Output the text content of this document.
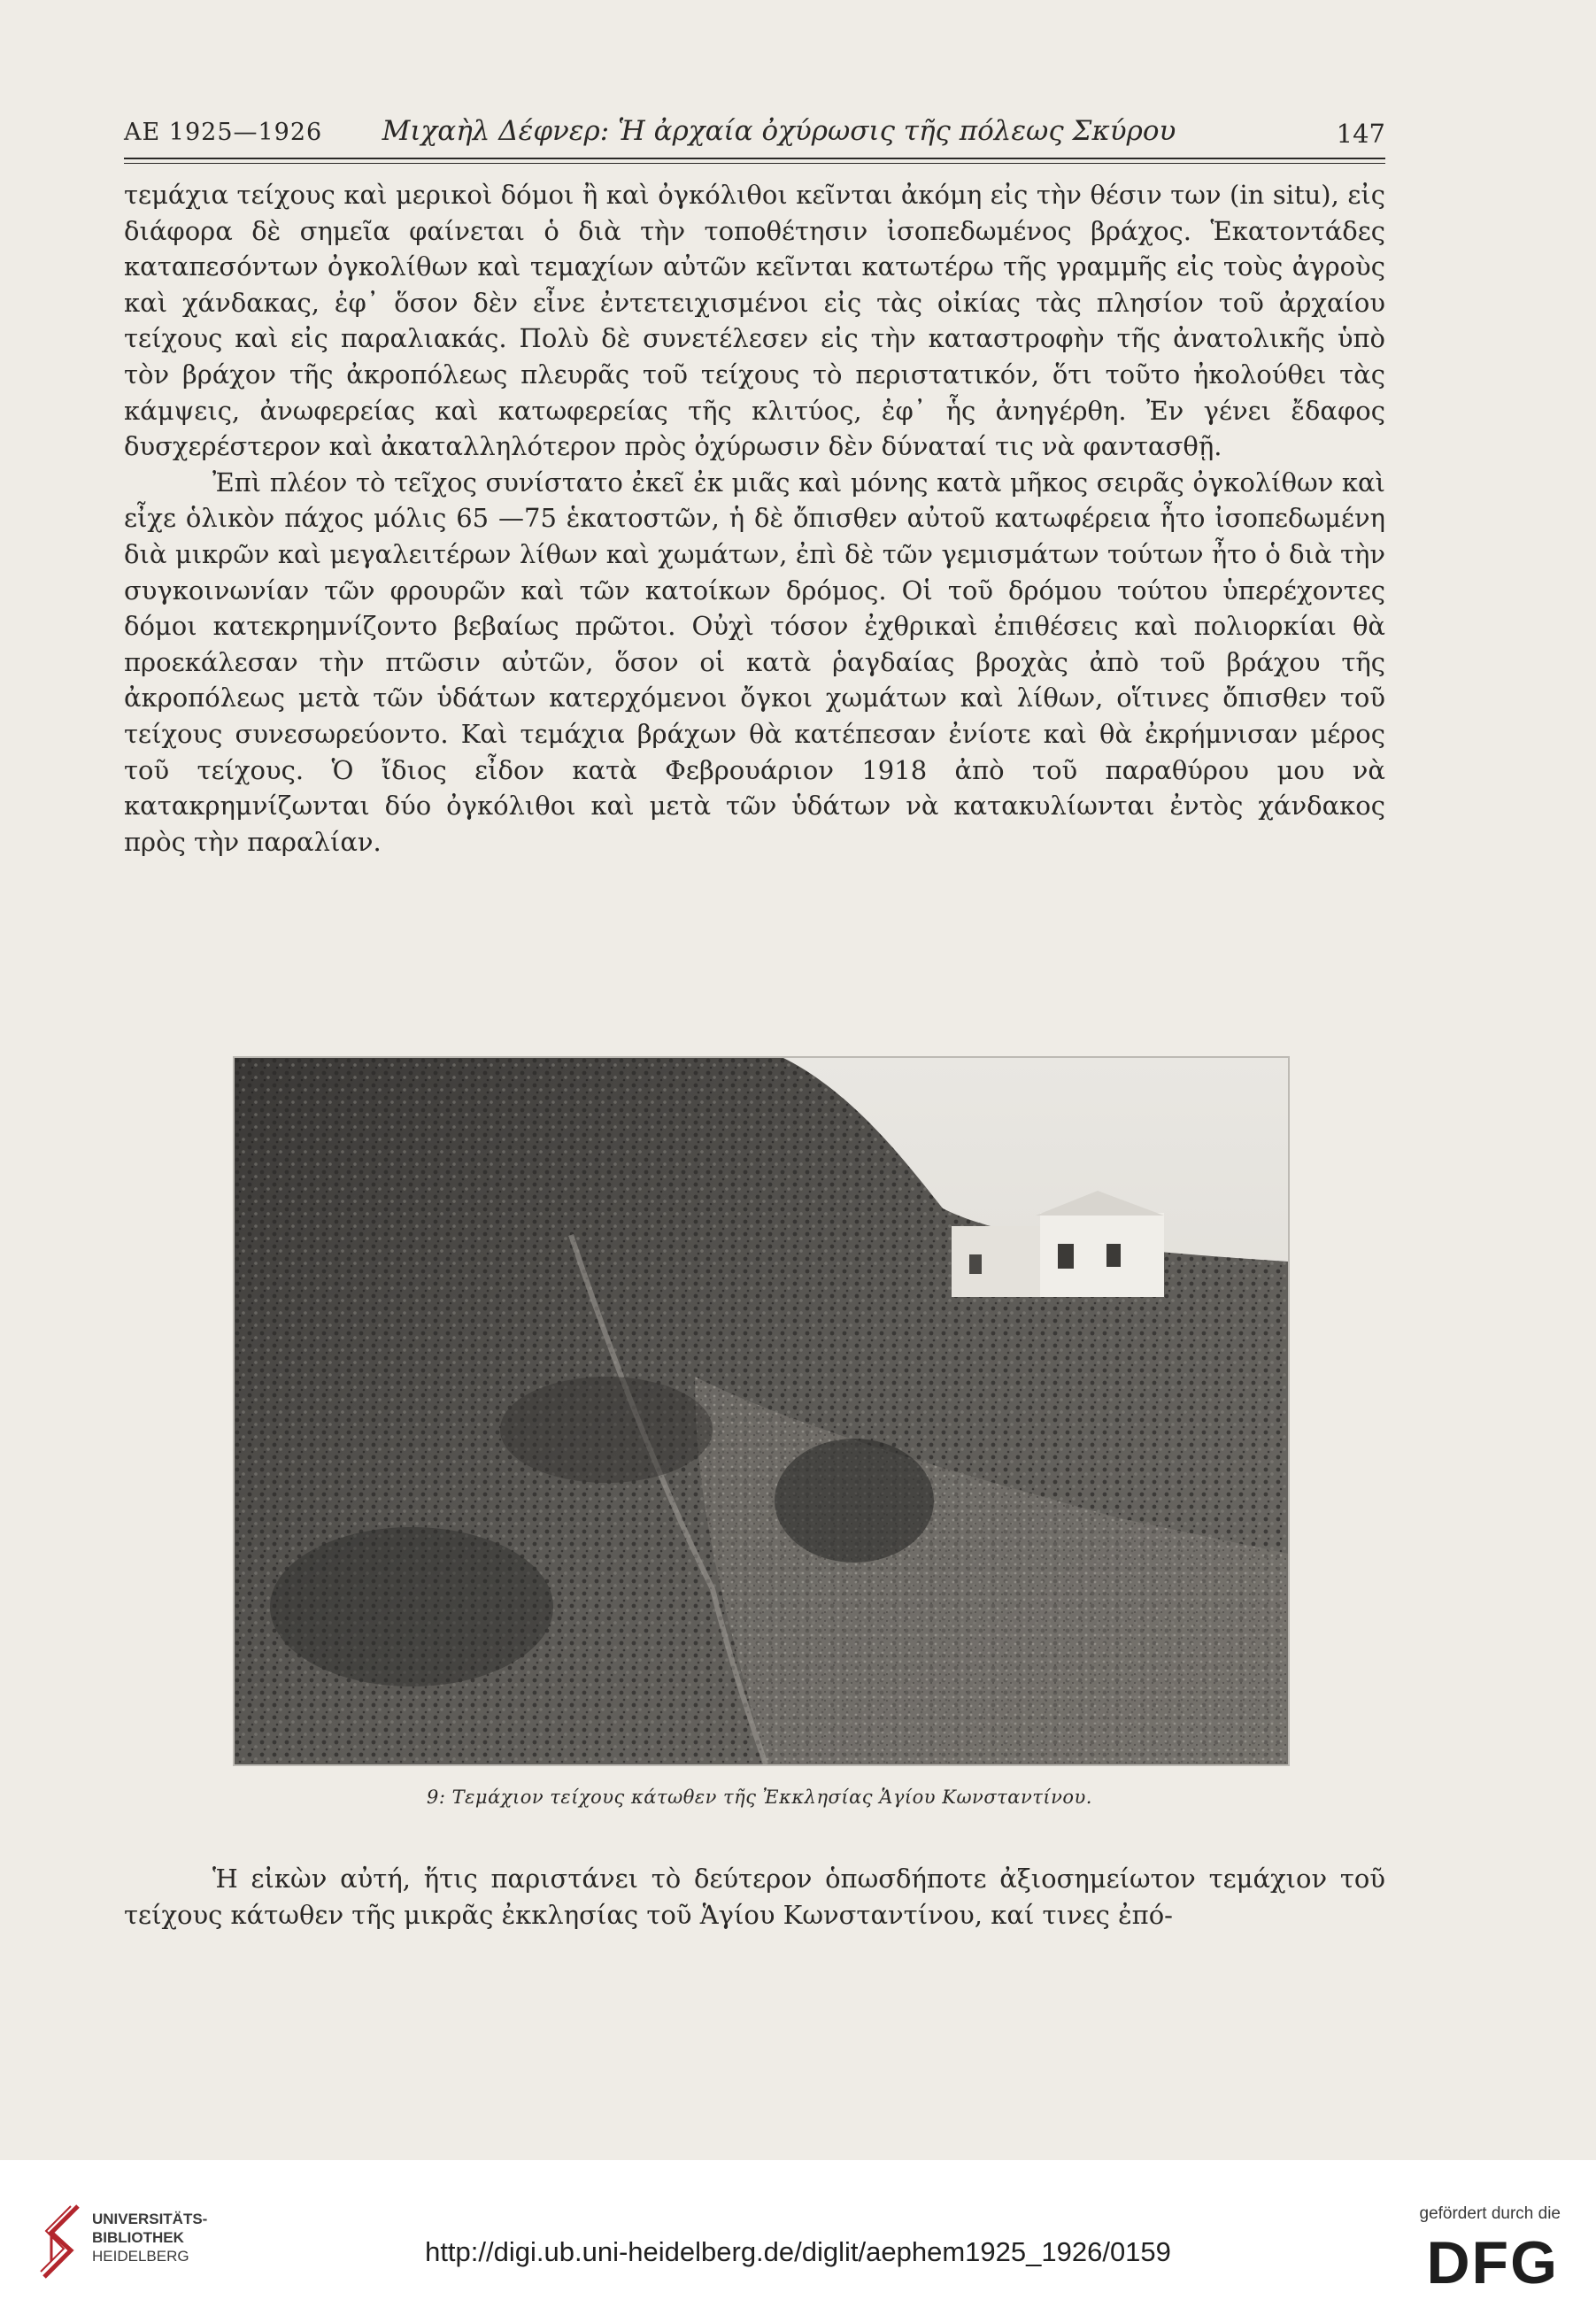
ΑΕ 1925—1926	Μιχαὴλ Δέφνερ: Ἡ ἀρχαία ὀχύρωσις τῆς πόλεως Σκύρου	147

τεμάχια τείχους καὶ μερικοὶ δόμοι ἢ καὶ ὀγκόλιθοι κεῖνται ἀκόμη εἰς τὴν θέσιν των (in situ), εἰς διάφορα δὲ σημεῖα φαίνεται ὁ διὰ τὴν τοποθέτησιν ἰσοπεδωμένος βράχος. Ἑκατοντάδες καταπεσόντων ὀγκολίθων καὶ τεμαχίων αὐτῶν κεῖνται κατωτέρω τῆς γραμμῆς εἰς τοὺς ἀγροὺς καὶ χάνδακας, ἐφ᾽ ὅσον δὲν εἶνε ἐντετειχισμένοι εἰς τὰς οἰκίας τὰς πλησίον τοῦ ἀρχαίου τείχους καὶ εἰς παραλιακάς. Πολὺ δὲ συνετέλεσεν εἰς τὴν καταστροφὴν τῆς ἀνατολικῆς ὑπὸ τὸν βράχον τῆς ἀκροπόλεως πλευρᾶς τοῦ τείχους τὸ περιστατικόν, ὅτι τοῦτο ἠκολούθει τὰς κάμψεις, ἀνωφερείας καὶ κατωφερείας τῆς κλιτύος, ἐφ᾽ ἧς ἀνηγέρθη. Ἐν γένει ἔδαφος δυσχερέστερον καὶ ἀκαταλληλότερον πρὸς ὀχύρωσιν δὲν δύναταί τις νὰ φαντασθῇ.

Ἐπὶ πλέον τὸ τεῖχος συνίστατο ἐκεῖ ἐκ μιᾶς καὶ μόνης κατὰ μῆκος σειρᾶς ὀγκολίθων καὶ εἶχε ὁλικὸν πάχος μόλις 65 —75 ἑκατοστῶν, ἡ δὲ ὄπισθεν αὐτοῦ κατωφέρεια ἦτο ἰσοπεδωμένη διὰ μικρῶν καὶ μεγαλειτέρων λίθων καὶ χωμάτων, ἐπὶ δὲ τῶν γεμισμάτων τούτων ἦτο ὁ διὰ τὴν συγκοινωνίαν τῶν φρουρῶν καὶ τῶν κατοίκων δρόμος. Οἱ τοῦ δρόμου τούτου ὑπερέχοντες δόμοι κατεκρημνίζοντο βεβαίως πρῶτοι. Οὐχὶ τόσον ἐχθρικαὶ ἐπιθέσεις καὶ πολιορκίαι θὰ προεκάλεσαν τὴν πτῶσιν αὐτῶν, ὅσον οἱ κατὰ ῥαγδαίας βροχὰς ἀπὸ τοῦ βράχου τῆς ἀκροπόλεως μετὰ τῶν ὑδάτων κατερχόμενοι ὄγκοι χωμάτων καὶ λίθων, οἵτινες ὄπισθεν τοῦ τείχους συνεσωρεύοντο. Καὶ τεμάχια βράχων θὰ κατέπεσαν ἐνίοτε καὶ θὰ ἐκρήμνισαν μέρος τοῦ τείχους. Ὁ ἴδιος εἶδον κατὰ Φεβρουάριον 1918 ἀπὸ τοῦ παραθύρου μου νὰ κατακρημνίζωνται δύο ὀγκόλιθοι καὶ μετὰ τῶν ὑδάτων νὰ κατακυλίωνται ἐντὸς χάνδακος πρὸς τὴν παραλίαν.

9: Τεμάχιον τείχους κάτωθεν τῆς Ἐκκλησίας Ἁγίου Κωνσταντίνου.

Ἡ εἰκὼν αὐτή, ἥτις παριστάνει τὸ δεύτερον ὁπωσδήποτε ἀξιοσημείωτον τεμάχιον τοῦ τείχους κάτωθεν τῆς μικρᾶς ἐκκλησίας τοῦ Ἁγίου Κωνσταντίνου, καί τινες ἐπό-

UNIVERSITÄTS-
BIBLIOTHEK
HEIDELBERG	http://digi.ub.uni-heidelberg.de/diglit/aephem1925_1926/0159
gefördert durch die
DFG
